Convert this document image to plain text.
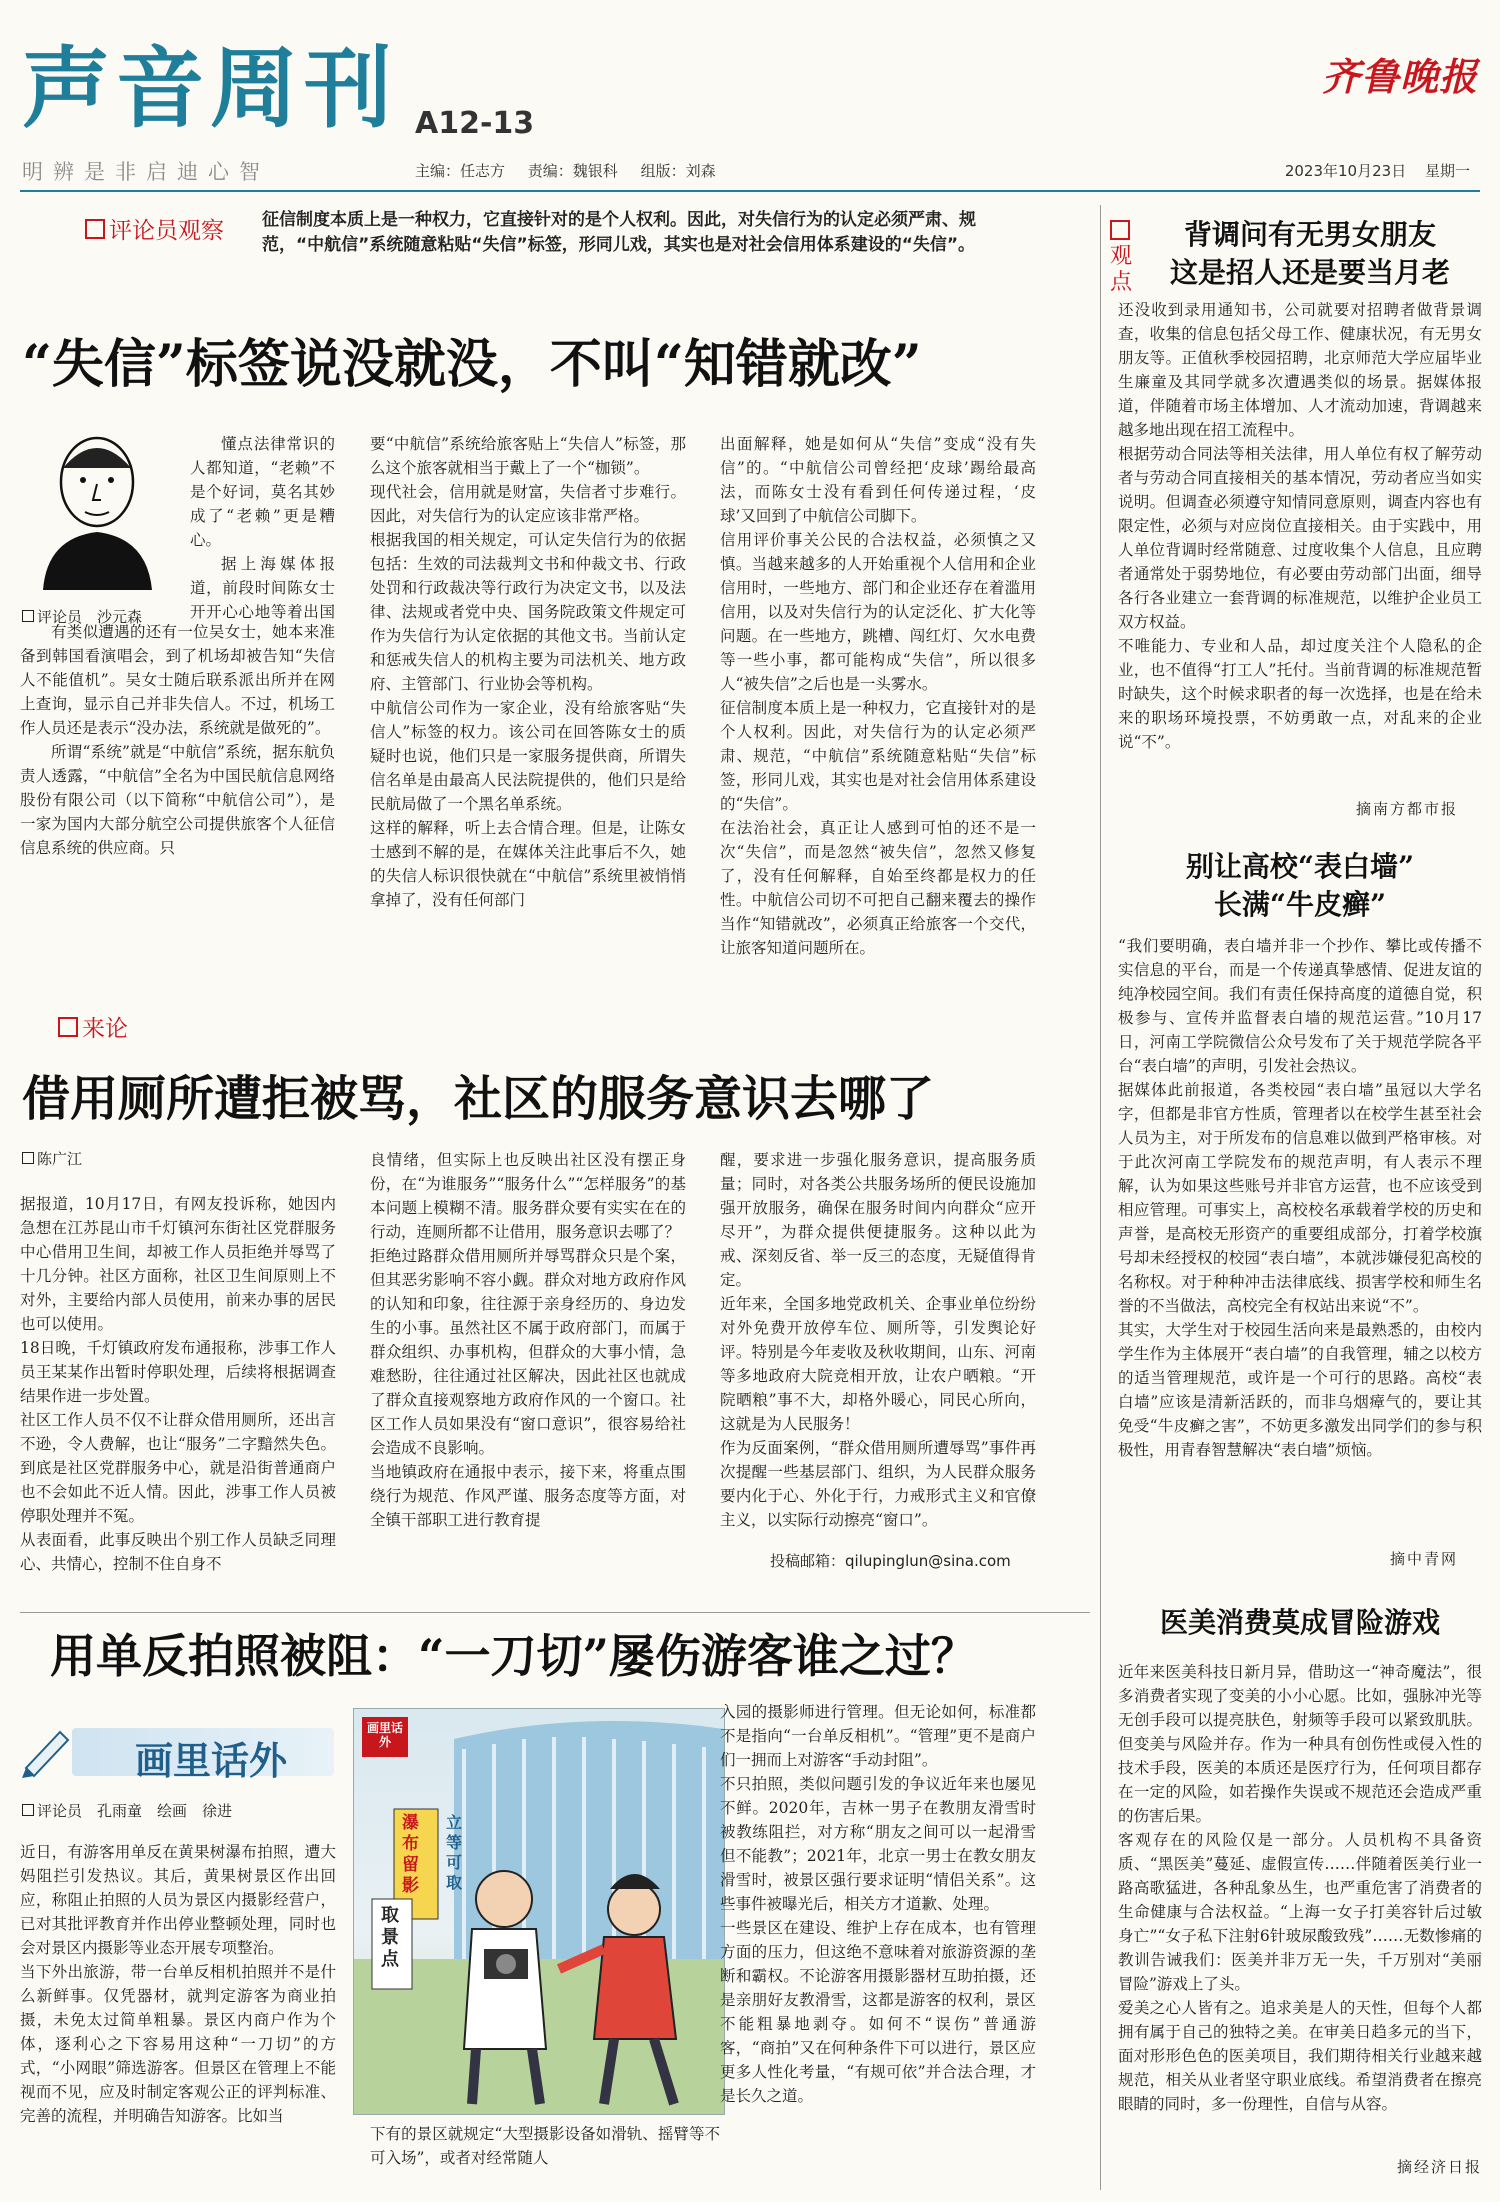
声音周刊 A12-13
明辨是非启迪心智	主编：任志方 责编：魏银科 组版：刘森
齐鲁晚报
2023年10月23日 星期一
评论员观察 征信制度本质上是一种权力，它直接针对的是个人权利。因此，对失信行为的认定必须严肃、规范，“中航信”系统随意粘贴“失信”标签，形同儿戏，其实也是对社会信用体系建设的“失信”。
“失信”标签说没就没，不叫“知错就改”
评论员　沙元森

懂点法律常识的人都知道，“老赖”不是个好词，莫名其妙成了“老赖”更是糟心。

据上海媒体报道，前段时间陈女士开开心心地等着出国

有类似遭遇的还有一位吴女士，她本来准备到韩国看演唱会，到了机场却被告知“失信人不能值机”。吴女士随后联系派出所并在网上查询，显示自己并非失信人。不过，机场工作人员还是表示“没办法，系统就是做死的”。

所谓“系统”就是“中航信”系统，据东航负责人透露，“中航信”全名为中国民航信息网络股份有限公司（以下简称“中航信公司”），是一家为国内大部分航空公司提供旅客个人征信信息系统的供应商。只

要“中航信”系统给旅客贴上“失信人”标签，那么这个旅客就相当于戴上了一个“枷锁”。
现代社会，信用就是财富，失信者寸步难行。因此，对失信行为的认定应该非常严格。
根据我国的相关规定，可认定失信行为的依据包括：生效的司法裁判文书和仲裁文书、行政处罚和行政裁决等行政行为决定文书，以及法律、法规或者党中央、国务院政策文件规定可作为失信行为认定依据的其他文书。当前认定和惩戒失信人的机构主要为司法机关、地方政府、主管部门、行业协会等机构。
中航信公司作为一家企业，没有给旅客贴“失信人”标签的权力。该公司在回答陈女士的质疑时也说，他们只是一家服务提供商，所谓失信名单是由最高人民法院提供的，他们只是给民航局做了一个黑名单系统。
这样的解释，听上去合情合理。但是，让陈女士感到不解的是，在媒体关注此事后不久，她的失信人标识很快就在“中航信”系统里被悄悄拿掉了，没有任何部门
出面解释，她是如何从“失信”变成“没有失信”的。“中航信公司曾经把‘皮球’踢给最高法，而陈女士没有看到任何传递过程，‘皮球’又回到了中航信公司脚下。
信用评价事关公民的合法权益，必须慎之又慎。当越来越多的人开始重视个人信用和企业信用时，一些地方、部门和企业还存在着滥用信用，以及对失信行为的认定泛化、扩大化等问题。在一些地方，跳槽、闯红灯、欠水电费等一些小事，都可能构成“失信”，所以很多人“被失信”之后也是一头雾水。
征信制度本质上是一种权力，它直接针对的是个人权利。因此，对失信行为的认定必须严肃、规范，“中航信”系统随意粘贴“失信”标签，形同儿戏，其实也是对社会信用体系建设的“失信”。
在法治社会，真正让人感到可怕的还不是一次“失信”，而是忽然“被失信”，忽然又修复了，没有任何解释，自始至终都是权力的任性。中航信公司切不可把自己翻来覆去的操作当作“知错就改”，必须真正给旅客一个交代，让旅客知道问题所在。
来论
借用厕所遭拒被骂，社区的服务意识去哪了
陈广江
据报道，10月17日，有网友投诉称，她因内急想在江苏昆山市千灯镇河东街社区党群服务中心借用卫生间，却被工作人员拒绝并辱骂了十几分钟。社区方面称，社区卫生间原则上不对外，主要给内部人员使用，前来办事的居民也可以使用。
18日晚，千灯镇政府发布通报称，涉事工作人员王某某作出暂时停职处理，后续将根据调查结果作进一步处置。
社区工作人员不仅不让群众借用厕所，还出言不逊，令人费解，也让“服务”二字黯然失色。到底是社区党群服务中心，就是沿街普通商户也不会如此不近人情。因此，涉事工作人员被停职处理并不冤。
从表面看，此事反映出个别工作人员缺乏同理心、共情心，控制不住自身不
良情绪，但实际上也反映出社区没有摆正身份，在“为谁服务”“服务什么”“怎样服务”的基本问题上模糊不清。服务群众要有实实在在的行动，连厕所都不让借用，服务意识去哪了？
拒绝过路群众借用厕所并辱骂群众只是个案，但其恶劣影响不容小觑。群众对地方政府作风的认知和印象，往往源于亲身经历的、身边发生的小事。虽然社区不属于政府部门，而属于群众组织、办事机构，但群众的大事小情，急难愁盼，往往通过社区解决，因此社区也就成了群众直接观察地方政府作风的一个窗口。社区工作人员如果没有“窗口意识”，很容易给社会造成不良影响。
当地镇政府在通报中表示，接下来，将重点围绕行为规范、作风严谨、服务态度等方面，对全镇干部职工进行教育提
醒，要求进一步强化服务意识，提高服务质量；同时，对各类公共服务场所的便民设施加强开放服务，确保在服务时间内向群众“应开尽开”，为群众提供便捷服务。这种以此为戒、深刻反省、举一反三的态度，无疑值得肯定。
近年来，全国多地党政机关、企事业单位纷纷对外免费开放停车位、厕所等，引发舆论好评。特别是今年麦收及秋收期间，山东、河南等多地政府大院竞相开放，让农户晒粮。“开院晒粮”事不大，却格外暖心，同民心所向，这就是为人民服务！
作为反面案例，“群众借用厕所遭辱骂”事件再次提醒一些基层部门、组织，为人民群众服务要内化于心、外化于行，力戒形式主义和官僚主义，以实际行动擦亮“窗口”。
投稿邮箱：qilupinglun@sina.com
用单反拍照被阻：“一刀切”屡伤游客谁之过？
画里话外
评论员　孔雨童　绘画　徐进
近日，有游客用单反在黄果树瀑布拍照，遭大妈阻拦引发热议。其后，黄果树景区作出回应，称阻止拍照的人员为景区内摄影经营户，已对其批评教育并作出停业整顿处理，同时也会对景区内摄影等业态开展专项整治。
当下外出旅游，带一台单反相机拍照并不是什么新鲜事。仅凭器材，就判定游客为商业拍摄，未免太过简单粗暴。景区内商户作为个体，逐利心之下容易用这种“一刀切”的方式，“小网眼”筛选游客。但景区在管理上不能视而不见，应及时制定客观公正的评判标准、完善的流程，并明确告知游客。比如当
画里话外
瀑布留影
立等可取
取景点
下有的景区就规定“大型摄影设备如滑轨、摇臂等不可入场”，或者对经常随人
入园的摄影师进行管理。但无论如何，标准都不是指向“一台单反相机”。“管理”更不是商户们一拥而上对游客“手动封阻”。
不只拍照，类似问题引发的争议近年来也屡见不鲜。2020年，吉林一男子在教朋友滑雪时被教练阻拦，对方称“朋友之间可以一起滑雪但不能教”；2021年，北京一男士在教女朋友滑雪时，被景区强行要求证明“情侣关系”。这些事件被曝光后，相关方才道歉、处理。
一些景区在建设、维护上存在成本，也有管理方面的压力，但这绝不意味着对旅游资源的垄断和霸权。不论游客用摄影器材互助拍摄，还是亲朋好友教滑雪，这都是游客的权利，景区不能粗暴地剥夺。如何不“误伤”普通游客，“商拍”又在何种条件下可以进行，景区应更多人性化考量，“有规可依”并合法合理，才是长久之道。
观点
背调问有无男女朋友
这是招人还是要当月老
还没收到录用通知书，公司就要对招聘者做背景调查，收集的信息包括父母工作、健康状况，有无男女朋友等。正值秋季校园招聘，北京师范大学应届毕业生廉童及其同学就多次遭遇类似的场景。据媒体报道，伴随着市场主体增加、人才流动加速，背调越来越多地出现在招工流程中。
根据劳动合同法等相关法律，用人单位有权了解劳动者与劳动合同直接相关的基本情况，劳动者应当如实说明。但调查必须遵守知情同意原则，调查内容也有限定性，必须与对应岗位直接相关。由于实践中，用人单位背调时经常随意、过度收集个人信息，且应聘者通常处于弱势地位，有必要由劳动部门出面，细导各行各业建立一套背调的标准规范，以维护企业员工双方权益。
不唯能力、专业和人品，却过度关注个人隐私的企业，也不值得“打工人”托付。当前背调的标准规范暂时缺失，这个时候求职者的每一次选择，也是在给未来的职场环境投票，不妨勇敢一点，对乱来的企业说“不”。
摘南方都市报
别让高校“表白墙”
长满“牛皮癣”
“我们要明确，表白墙并非一个抄作、攀比或传播不实信息的平台，而是一个传递真挚感情、促进友谊的纯净校园空间。我们有责任保持高度的道德自觉，积极参与、宣传并监督表白墙的规范运营。”10月17日，河南工学院微信公众号发布了关于规范学院各平台“表白墙”的声明，引发社会热议。
据媒体此前报道，各类校园“表白墙”虽冠以大学名字，但都是非官方性质，管理者以在校学生甚至社会人员为主，对于所发布的信息难以做到严格审核。对于此次河南工学院发布的规范声明，有人表示不理解，认为如果这些账号并非官方运营，也不应该受到相应管理。可事实上，高校校名承载着学校的历史和声誉，是高校无形资产的重要组成部分，打着学校旗号却未经授权的校园“表白墙”，本就涉嫌侵犯高校的名称权。对于种种冲击法律底线、损害学校和师生名誉的不当做法，高校完全有权站出来说“不”。
其实，大学生对于校园生活向来是最熟悉的，由校内学生作为主体展开“表白墙”的自我管理，辅之以校方的适当管理规范，或许是一个可行的思路。高校“表白墙”应该是清新活跃的，而非乌烟瘴气的，要让其免受“牛皮癣之害”，不妨更多激发出同学们的参与积极性，用青春智慧解决“表白墙”烦恼。
摘中青网
医美消费莫成冒险游戏
近年来医美科技日新月异，借助这一“神奇魔法”，很多消费者实现了变美的小小心愿。比如，强脉冲光等无创手段可以提亮肤色，射频等手段可以紧致肌肤。但变美与风险并存。作为一种具有创伤性或侵入性的技术手段，医美的本质还是医疗行为，任何项目都存在一定的风险，如若操作失误或不规范还会造成严重的伤害后果。
客观存在的风险仅是一部分。人员机构不具备资质、“黑医美”蔓延、虚假宣传……伴随着医美行业一路高歌猛进，各种乱象丛生，也严重危害了消费者的生命健康与合法权益。“上海一女子打美容针后过敏身亡”“女子私下注射6针玻尿酸致残”……无数惨痛的教训告诫我们：医美并非万无一失，千万别对“美丽冒险”游戏上了头。
爱美之心人皆有之。追求美是人的天性，但每个人都拥有属于自己的独特之美。在审美日趋多元的当下，面对形形色色的医美项目，我们期待相关行业越来越规范，相关从业者坚守职业底线。希望消费者在擦亮眼睛的同时，多一份理性，自信与从容。
摘经济日报
